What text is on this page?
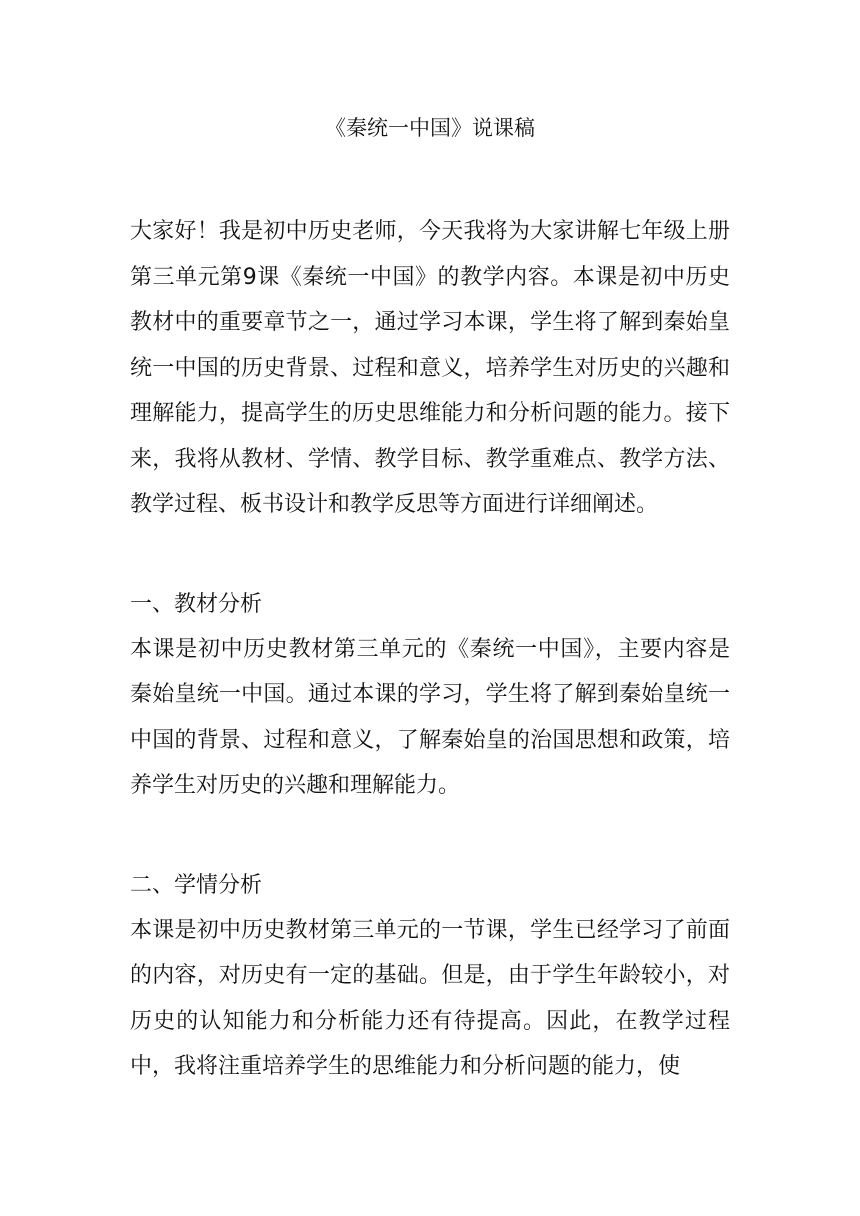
《秦统一中国》说课稿

大家好！我是初中历史老师，今天我将为大家讲解七年级上册第三单元第9课《秦统一中国》的教学内容。本课是初中历史教材中的重要章节之一，通过学习本课，学生将了解到秦始皇统一中国的历史背景、过程和意义，培养学生对历史的兴趣和理解能力，提高学生的历史思维能力和分析问题的能力。接下来，我将从教材、学情、教学目标、教学重难点、教学方法、教学过程、板书设计和教学反思等方面进行详细阐述。

一、教材分析

本课是初中历史教材第三单元的《秦统一中国》，主要内容是秦始皇统一中国。通过本课的学习，学生将了解到秦始皇统一中国的背景、过程和意义，了解秦始皇的治国思想和政策，培养学生对历史的兴趣和理解能力。

二、学情分析

本课是初中历史教材第三单元的一节课，学生已经学习了前面的内容，对历史有一定的基础。但是，由于学生年龄较小，对历史的认知能力和分析能力还有待提高。因此，在教学过程中，我将注重培养学生的思维能力和分析问题的能力，使
